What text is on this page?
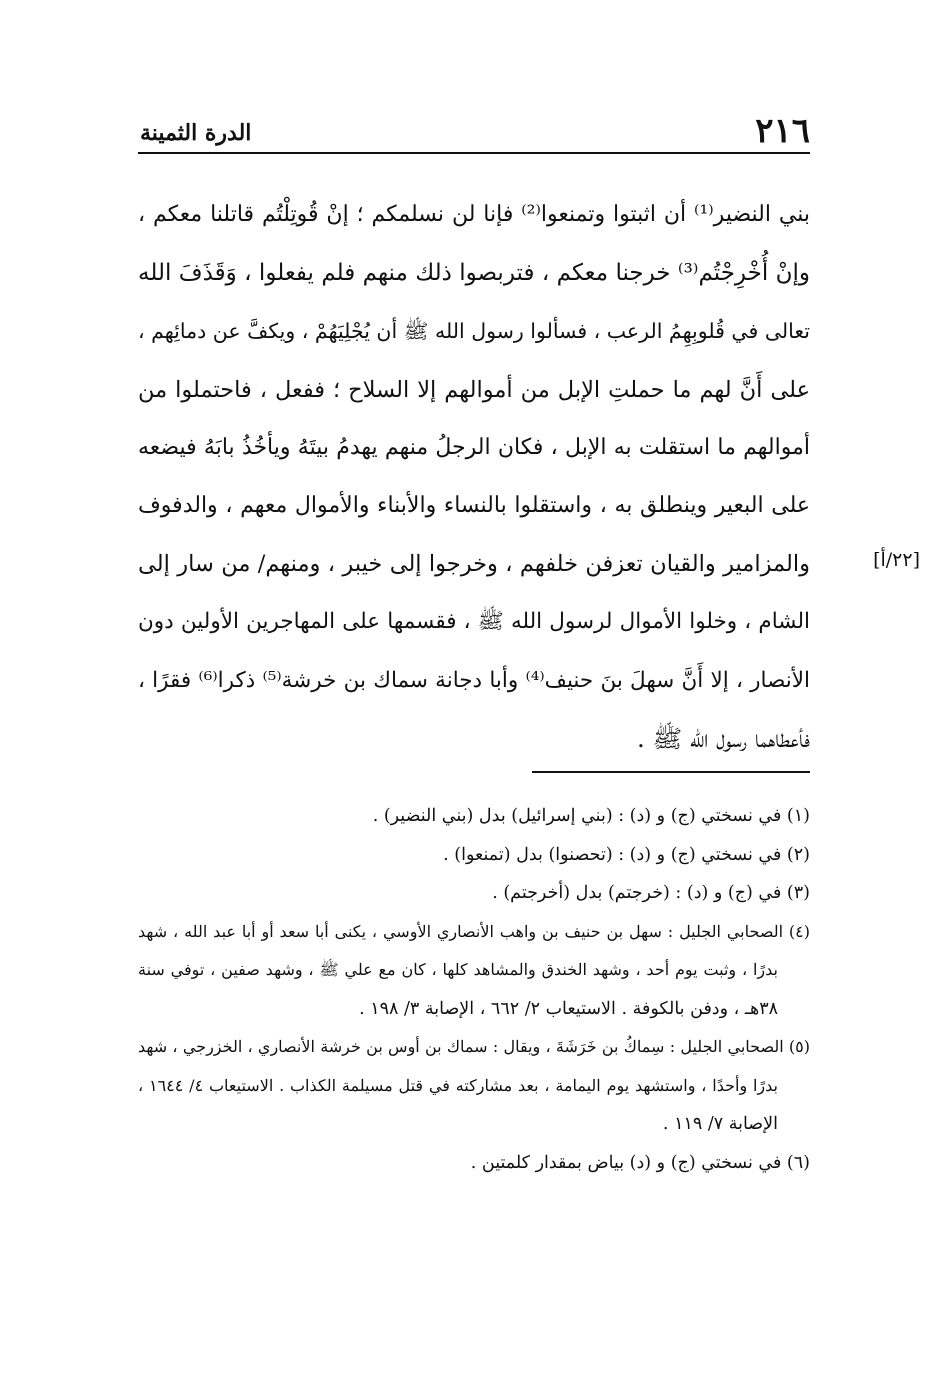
٢١٦
الدرة الثمينة
[٢٢/أ]
بني النضير⁽¹⁾ أن اثبتوا وتمنعوا⁽²⁾ فإنا لن نسلمكم ؛ إنْ قُوتِلْتُم قاتلنا معكم ،
وإنْ أُخْرِجْتُم⁽³⁾ خرجنا معكم ، فتربصوا ذلك منهم فلم يفعلوا ، وَقَذَفَ الله
تعالى في قُلوبِهِمُ الرعب ، فسألوا رسول الله ﷺ أن يُجْلِيَهُمْ ، ويكفَّ عن دمائِهم ،
على أَنَّ لهم ما حملتِ الإبل من أموالهم إلا السلاح ؛ ففعل ، فاحتملوا من
أموالهم ما استقلت به الإبل ، فكان الرجلُ منهم يهدمُ بيتَهُ ويأخُذُ بابَهُ فيضعه
على البعير وينطلق به ، واستقلوا بالنساء والأبناء والأموال معهم ، والدفوف
والمزامير والقيان تعزفن خلفهم ، وخرجوا إلى خيبر ، ومنهم/ من سار إلى
الشام ، وخلوا الأموال لرسول الله ﷺ ، فقسمها على المهاجرين الأولين دون
الأنصار ، إلا أَنَّ سهلَ بنَ حنيف⁽⁴⁾ وأبا دجانة سماك بن خرشة⁽⁵⁾ ذكرا⁽⁶⁾ فقرًا ،
فأعطاهما رسول الله ﷺ .
(١) في نسختي (ج) و (د) : (بني إسرائيل) بدل (بني النضير) .
(٢) في نسختي (ج) و (د) : (تحصنوا) بدل (تمنعوا) .
(٣) في (ج) و (د) : (خرجتم) بدل (أخرجتم) .
(٤) الصحابي الجليل : سهل بن حنيف بن واهب الأنصاري الأوسي ، يكنى أبا سعد أو أبا عبد الله ، شهد
بدرًا ، وثبت يوم أحد ، وشهد الخندق والمشاهد كلها ، كان مع علي ﷺ ، وشهد صفين ، توفي سنة
٣٨هـ ، ودفن بالكوفة . الاستيعاب ٢/ ٦٦٢ ، الإصابة ٣/ ١٩٨ .
(٥) الصحابي الجليل : سِماكُ بن خَرَشَةَ ، ويقال : سماك بن أوس بن خرشة الأنصاري ، الخزرجي ، شهد
بدرًا وأحدًا ، واستشهد يوم اليمامة ، بعد مشاركته في قتل مسيلمة الكذاب . الاستيعاب ٤/ ١٦٤٤ ،
الإصابة ٧/ ١١٩ .
(٦) في نسختي (ج) و (د) بياض بمقدار كلمتين .
